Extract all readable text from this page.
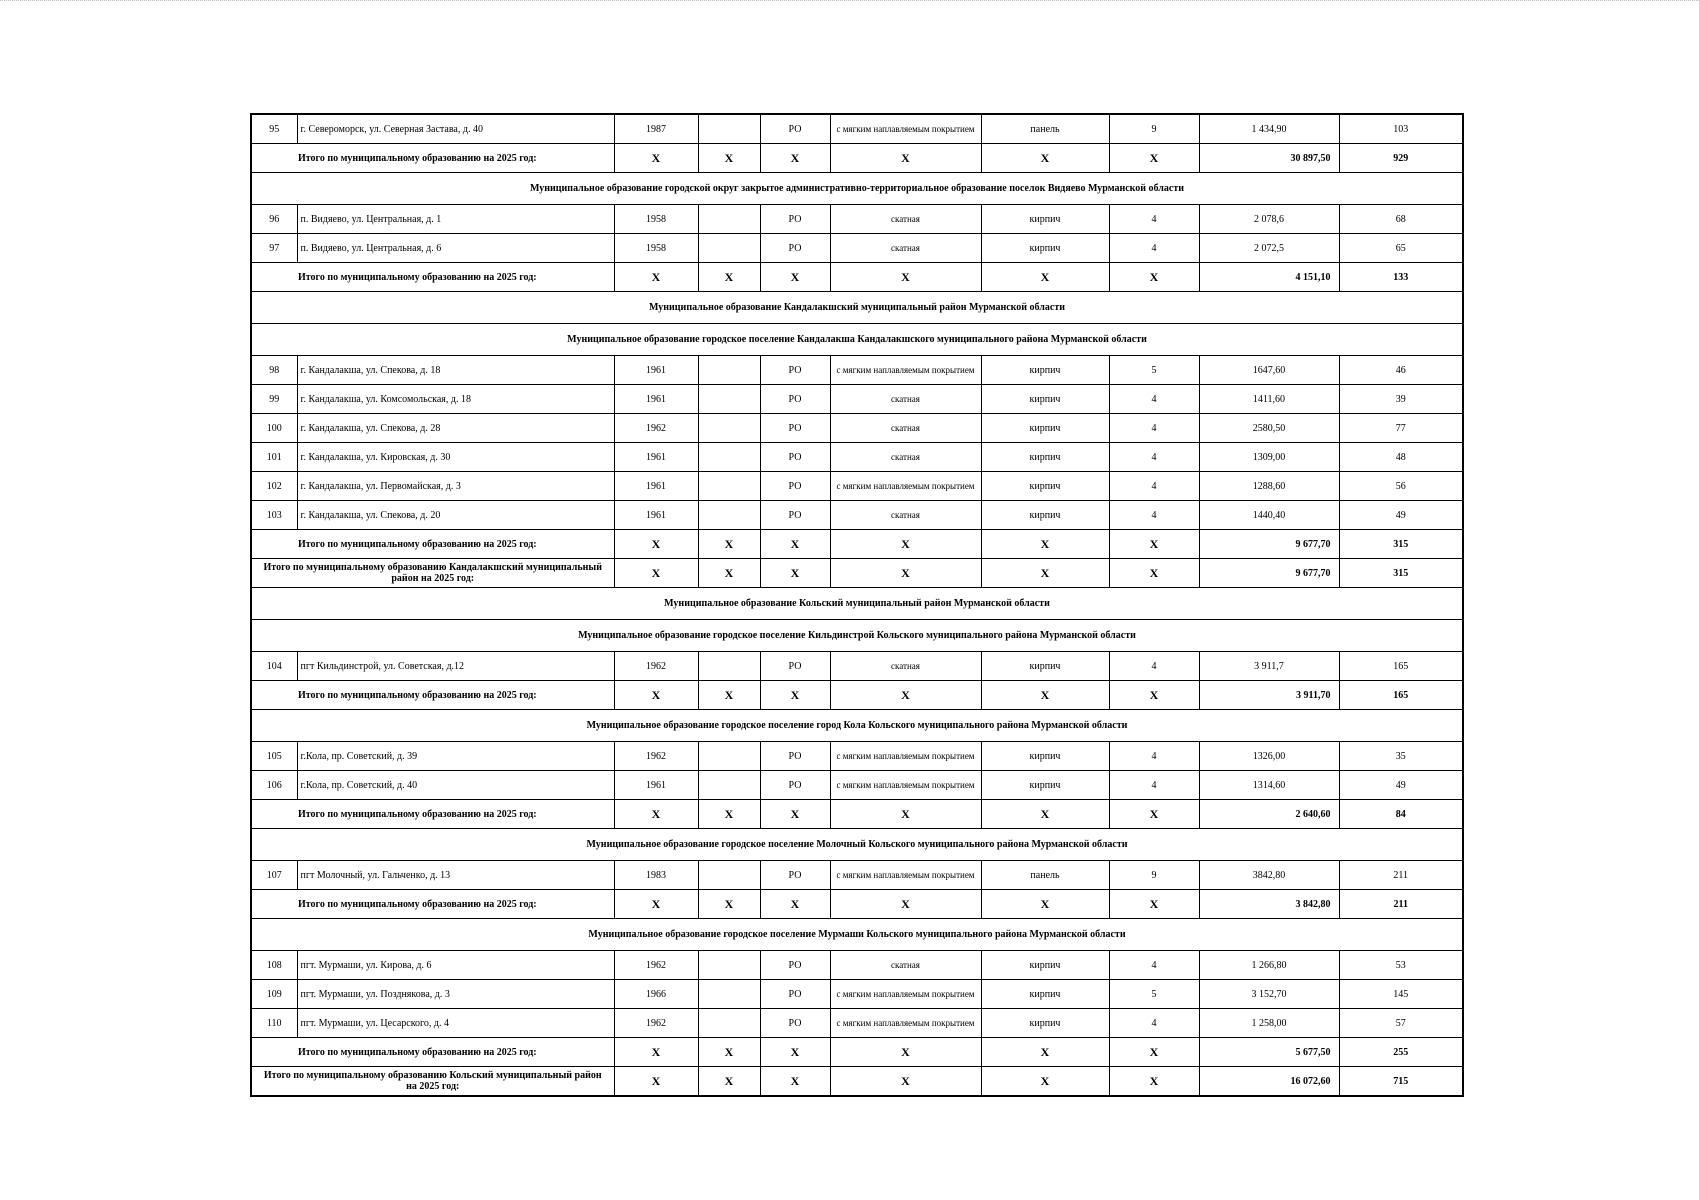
95	г. Североморск, ул. Северная Застава, д. 40	1987		РО	с мягким наплавляемым покрытием	панель	9	1 434,90	103
Итого по муниципальному образованию на 2025 год:		X	X	X	X	X	X	30 897,50	929
Муниципальное образование городской округ закрытое административно-территориальное образование поселок Видяево Мурманской области									
96	п. Видяево, ул. Центральная, д. 1	1958		РО	скатная	кирпич	4	2 078,6	68
97	п. Видяево, ул. Центральная, д. 6	1958		РО	скатная	кирпич	4	2 072,5	65
Итого по муниципальному образованию на 2025 год:		X	X	X	X	X	X	4 151,10	133
Муниципальное образование Кандалакшский муниципальный район Мурманской области									
Муниципальное образование городское поселение Кандалакша Кандалакшского муниципального района Мурманской области									
98	г. Кандалакша, ул. Спекова, д. 18	1961		РО	с мягким наплавляемым покрытием	кирпич	5	1647,60	46
99	г. Кандалакша, ул. Комсомольская, д. 18	1961		РО	скатная	кирпич	4	1411,60	39
100	г. Кандалакша, ул. Спекова, д. 28	1962		РО	скатная	кирпич	4	2580,50	77
101	г. Кандалакша, ул. Кировская, д. 30	1961		РО	скатная	кирпич	4	1309,00	48
102	г. Кандалакша, ул. Первомайская, д. 3	1961		РО	с мягким наплавляемым покрытием	кирпич	4	1288,60	56
103	г. Кандалакша, ул. Спекова, д. 20	1961		РО	скатная	кирпич	4	1440,40	49
Итого по муниципальному образованию на 2025 год:		X	X	X	X	X	X	9 677,70	315
Итого по муниципальному образованию Кандалакшский муниципальный район на 2025 год:		X	X	X	X	X	X	9 677,70	315
Муниципальное образование Кольский муниципальный район Мурманской области									
Муниципальное образование городское поселение Кильдинстрой Кольского муниципального района Мурманской области									
104	пгт Кильдинстрой, ул. Советская, д.12	1962		РО	скатная	кирпич	4	3 911,7	165
Итого по муниципальному образованию на 2025 год:		X	X	X	X	X	X	3 911,70	165
Муниципальное образование городское поселение город Кола Кольского муниципального района Мурманской области									
105	г.Кола, пр. Советский, д. 39	1962		РО	с мягким наплавляемым покрытием	кирпич	4	1326,00	35
106	г.Кола, пр. Советский, д. 40	1961		РО	с мягким наплавляемым покрытием	кирпич	4	1314,60	49
Итого по муниципальному образованию на 2025 год:		X	X	X	X	X	X	2 640,60	84
Муниципальное образование городское поселение Молочный Кольского муниципального района Мурманской области									
107	пгт Молочный, ул. Гальченко, д. 13	1983		РО	с мягким наплавляемым покрытием	панель	9	3842,80	211
Итого по муниципальному образованию на 2025 год:		X	X	X	X	X	X	3 842,80	211
Муниципальное образование городское поселение Мурмаши Кольского муниципального района Мурманской области									
108	пгт. Мурмаши, ул. Кирова, д. 6	1962		РО	скатная	кирпич	4	1 266,80	53
109	пгт. Мурмаши, ул. Позднякова, д. 3	1966		РО	с мягким наплавляемым покрытием	кирпич	5	3 152,70	145
110	пгт. Мурмаши, ул. Цесарского, д. 4	1962		РО	с мягким наплавляемым покрытием	кирпич	4	1 258,00	57
Итого по муниципальному образованию на 2025 год:		X	X	X	X	X	X	5 677,50	255
Итого по муниципальному образованию Кольский муниципальный район на 2025 год:		X	X	X	X	X	X	16 072,60	715
